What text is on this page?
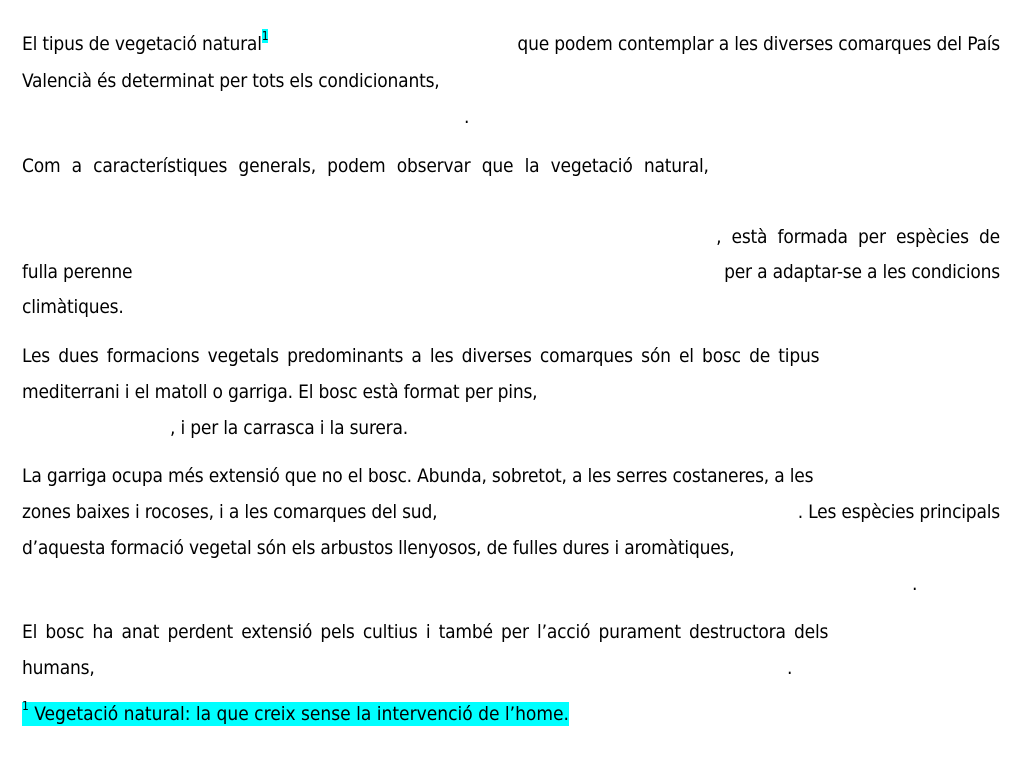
El tipus de vegetació natural$^1$	que podem contemplar a les diverses comarques del País
Valencià és determinat per tots els condicionants,
.
Com a característiques generals, podem observar que la vegetació natural,
, està formada per espècies de
fulla perenne	per a adaptar-se a les condicions
climàtiques.
Les dues formacions vegetals predominants a les diverses comarques són el bosc de tipus
mediterrani i el matoll o garriga. El bosc està format per pins,
, i per la carrasca i la surera.
La garriga ocupa més extensió que no el bosc. Abunda, sobretot, a les serres costaneres, a les
zones baixes i rocoses, i a les comarques del sud,	. Les espècies principals
d’aquesta formació vegetal són els arbustos llenyosos, de fulles dures i aromàtiques,
.
El bosc ha anat perdent extensió pels cultius i també per l’acció purament destructora dels
humans,	.
$^1$ Vegetació natural: la que creix sense la intervenció de l’home.
